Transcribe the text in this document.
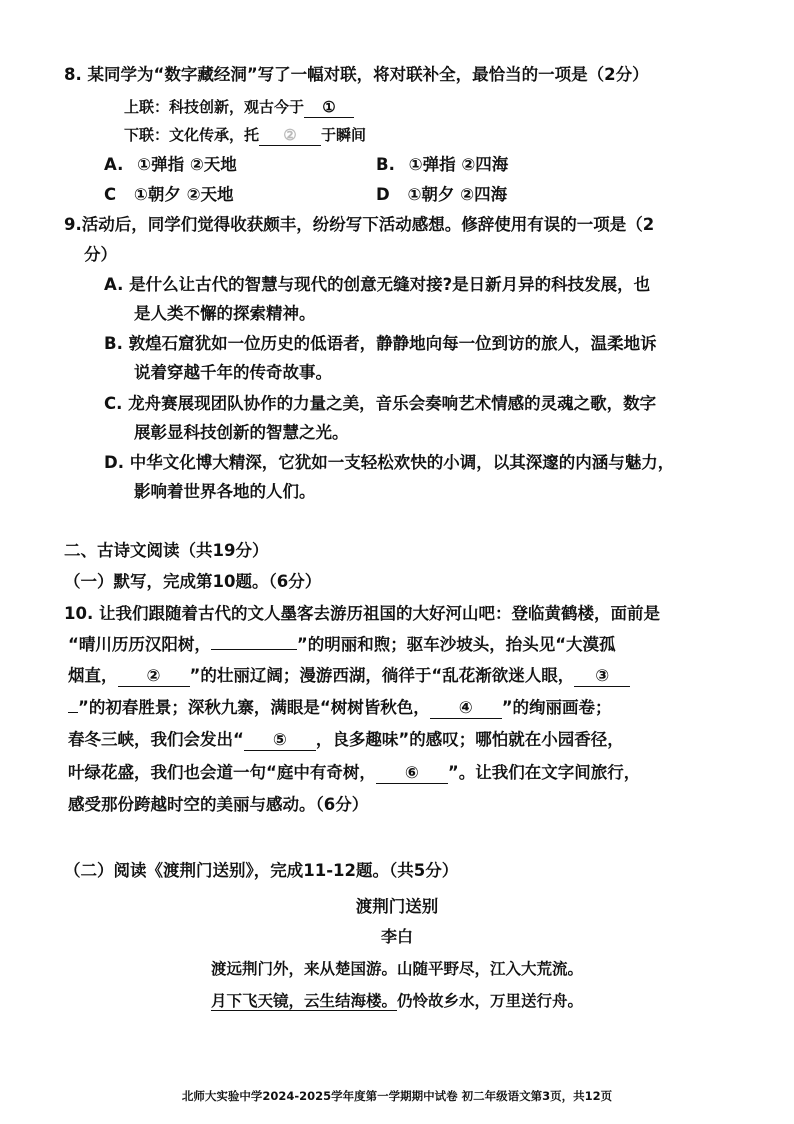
8. 某同学为“数字藏经洞”写了一幅对联，将对联补全，最恰当的一项是（2分）
上联：科技创新，观古今于 ①
下联：文化传承，托 ② 于瞬间
A. ①弹指 ②天地	B. ①弹指 ②四海
C ①朝夕 ②天地	D ①朝夕 ②四海
9.活动后，同学们觉得收获颇丰，纷纷写下活动感想。修辞使用有误的一项是（2
分）
A. 是什么让古代的智慧与现代的创意无缝对接?是日新月异的科技发展，也
是人类不懈的探索精神。
B. 敦煌石窟犹如一位历史的低语者，静静地向每一位到访的旅人，温柔地诉
说着穿越千年的传奇故事。
C. 龙舟赛展现团队协作的力量之美，音乐会奏响艺术情感的灵魂之歌，数字
展彰显科技创新的智慧之光。
D. 中华文化博大精深，它犹如一支轻松欢快的小调，以其深邃的内涵与魅力，
影响着世界各地的人们。
二、古诗文阅读（共19分）
（一）默写，完成第10题。（6分）
10. 让我们跟随着古代的文人墨客去游历祖国的大好河山吧：登临黄鹤楼，面前是
“晴川历历汉阳树，	”的明丽和煦；驱车沙坡头，抬头见“大漠孤
烟直， ② ”的壮丽辽阔；漫游西湖，徜徉于“乱花渐欲迷人眼， ③
”的初春胜景；深秋九寨，满眼是“树树皆秋色， ④ ”的绚丽画卷；
春冬三峡，我们会发出“ ⑤ ，良多趣味”的感叹；哪怕就在小园香径，
叶绿花盛，我们也会道一句“庭中有奇树， ⑥ ”。让我们在文字间旅行，
感受那份跨越时空的美丽与感动。（6分）
（二）阅读《渡荆门送别》，完成11-12题。（共5分）
渡荆门送别
李白
渡远荆门外，来从楚国游。山随平野尽，江入大荒流。
月下飞天镜，云生结海楼。仍怜故乡水，万里送行舟。
北师大实验中学2024-2025学年度第一学期期中试卷 初二年级语文第3页，共12页
